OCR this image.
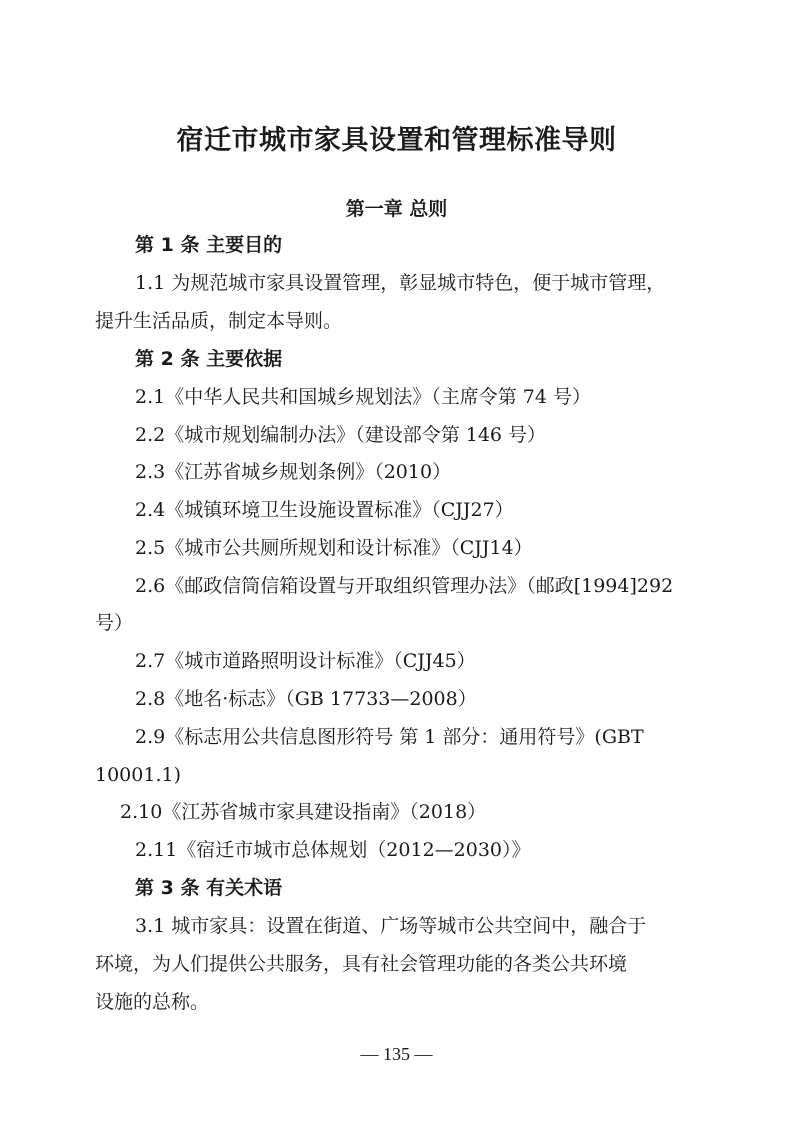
宿迁市城市家具设置和管理标准导则
第一章 总则
第 1 条 主要目的
1.1 为规范城市家具设置管理，彰显城市特色，便于城市管理，
提升生活品质，制定本导则。
第 2 条 主要依据
2.1《中华人民共和国城乡规划法》（主席令第 74 号）
2.2《城市规划编制办法》（建设部令第 146 号）
2.3《江苏省城乡规划条例》（2010）
2.4《城镇环境卫生设施设置标准》（CJJ27）
2.5《城市公共厕所规划和设计标准》（CJJ14）
2.6《邮政信筒信箱设置与开取组织管理办法》（邮政[1994]292
号）
2.7《城市道路照明设计标准》（CJJ45）
2.8《地名·标志》（GB 17733—2008）
2.9《标志用公共信息图形符号 第 1 部分：通用符号》(GBT
10001.1)
2.10《江苏省城市家具建设指南》（2018）
2.11《宿迁市城市总体规划（2012—2030）》
第 3 条 有关术语
3.1 城市家具：设置在街道、广场等城市公共空间中，融合于
环境，为人们提供公共服务，具有社会管理功能的各类公共环境
设施的总称。
— 135 —
